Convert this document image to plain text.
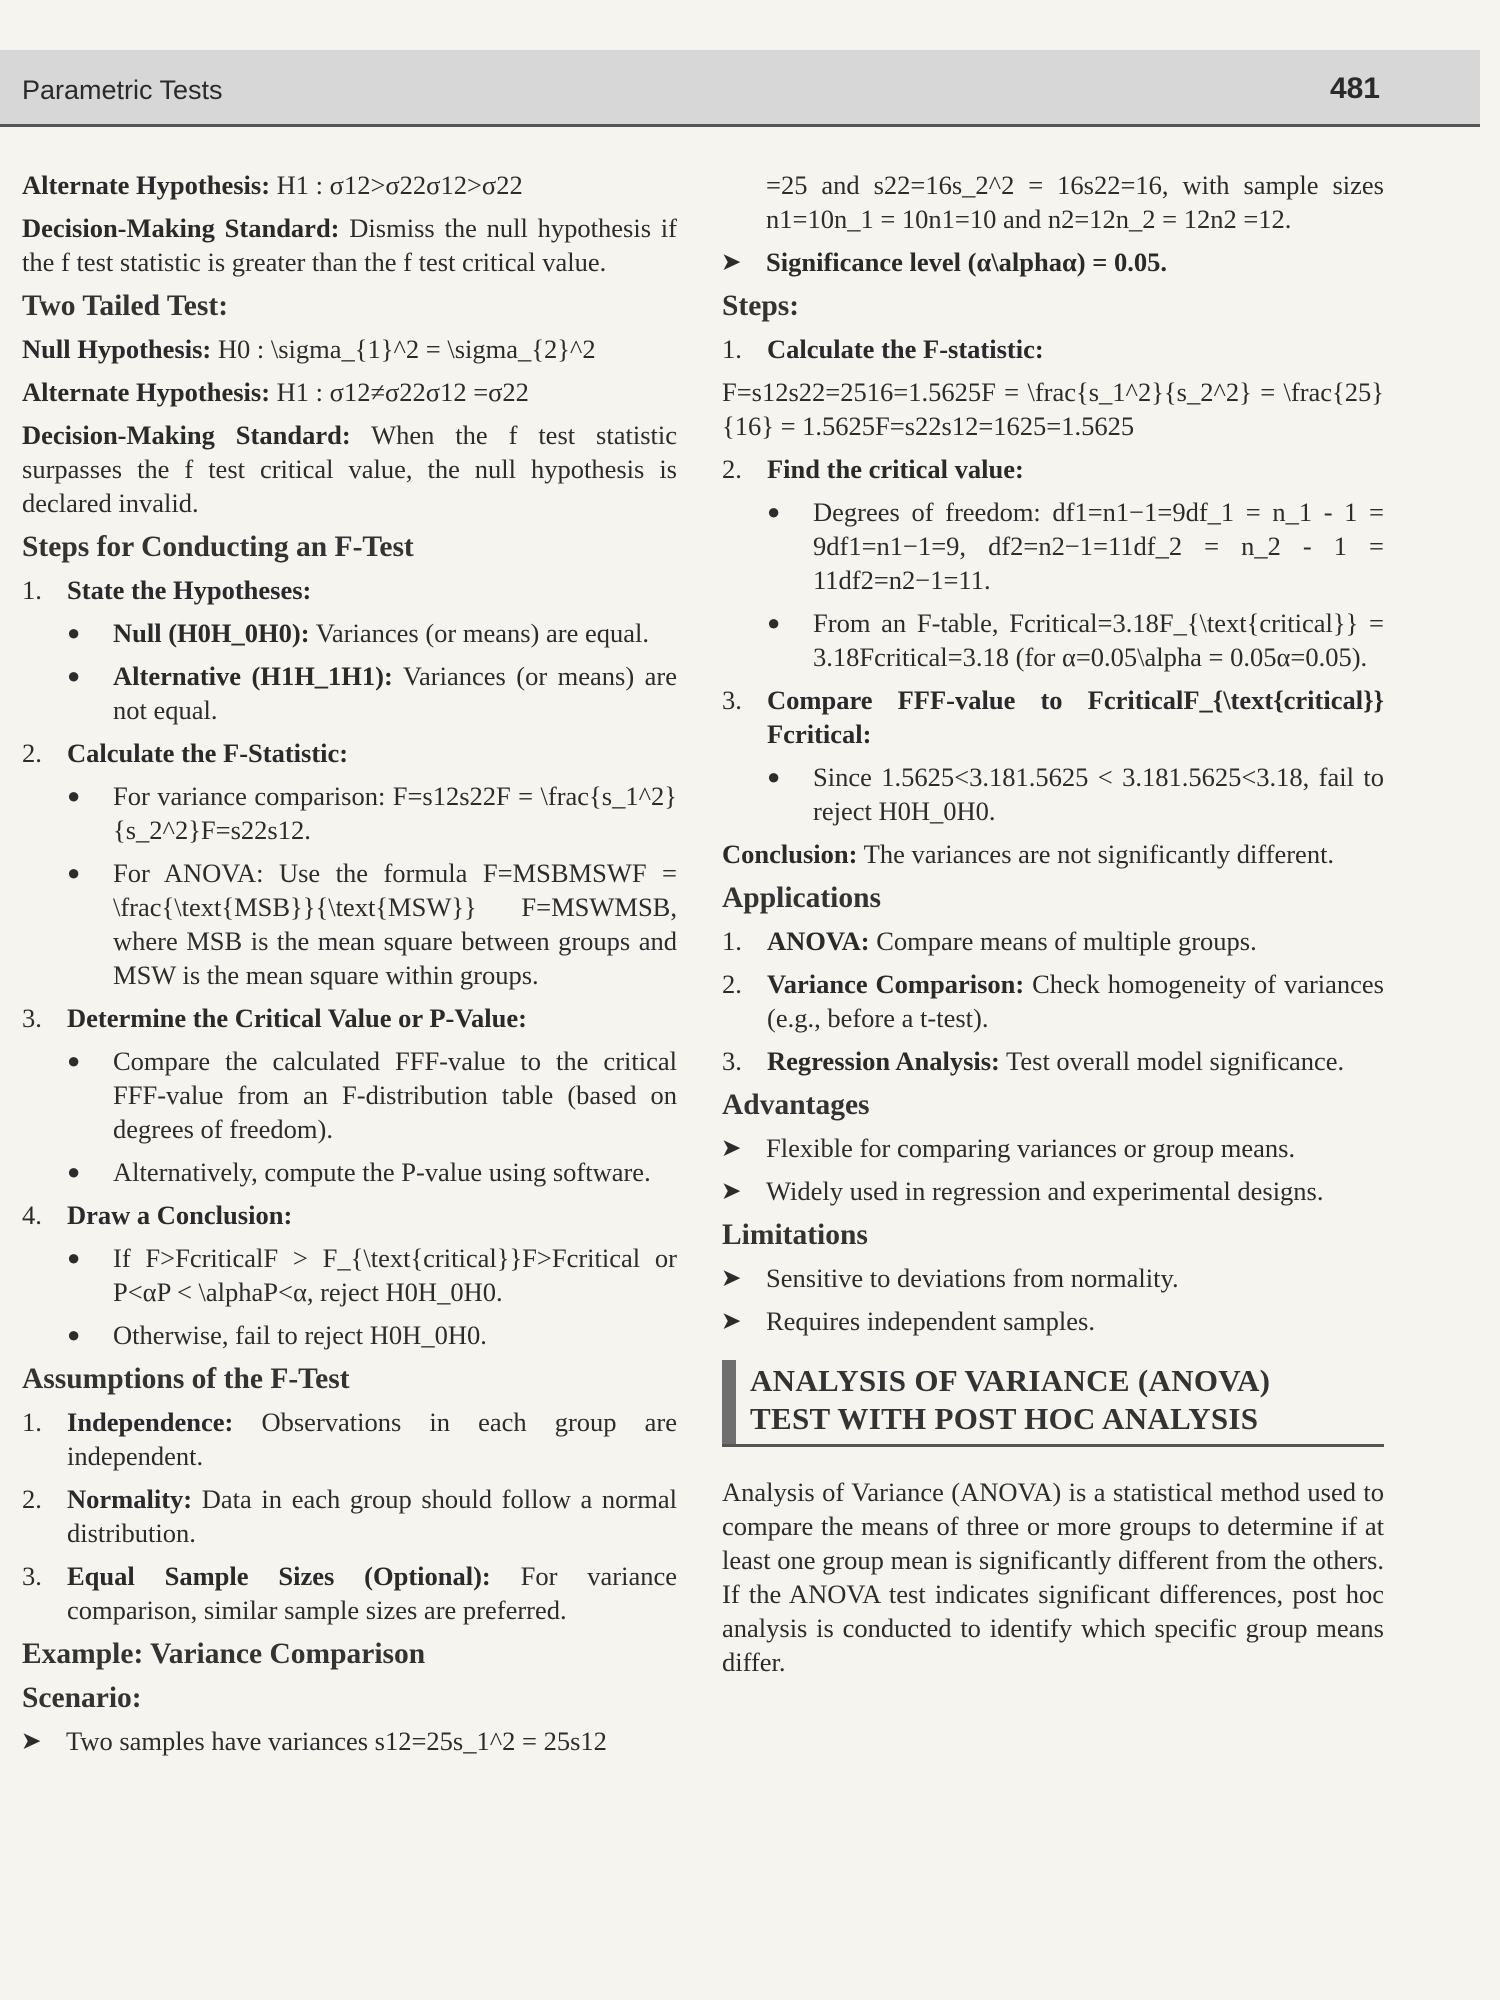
Parametric Tests	481

Alternate Hypothesis: H1 : σ12>σ22σ12>σ22

Decision-Making Standard: Dismiss the null hypothesis if the f test statistic is greater than the f test critical value.

Two Tailed Test:

Null Hypothesis: H0 : \sigma_{1}^2 = \sigma_{2}^2

Alternate Hypothesis: H1 : σ12≠σ22σ12 =σ22

Decision-Making Standard: When the f test statistic surpasses the f test critical value, the null hypothesis is declared invalid.

Steps for Conducting an F-Test
1. State the Hypotheses:
●	Null (H0H_0H0): Variances (or means) are equal.
●	Alternative (H1H_1H1): Variances (or means) are not equal.
2. Calculate the F-Statistic:
●	For variance comparison: F=s12s22F = \frac{s_1^2}{s_2^2}F=s22s12.
●	For ANOVA: Use the formula F=MSBMSWF = \frac{\text{MSB}}{\text{MSW}} F=MSWMSB, where MSB is the mean square between groups and MSW is the mean square within groups.
3. Determine the Critical Value or P-Value:
●	Compare the calculated FFF-value to the critical FFF-value from an F-distribution table (based on degrees of freedom).
●	Alternatively, compute the P-value using software.
4. Draw a Conclusion:
●	If F>FcriticalF > F_{\text{critical}}F>Fcritical or P<αP < \alphaP<α, reject H0H_0H0.
●	Otherwise, fail to reject H0H_0H0.
Assumptions of the F-Test
1. Independence: Observations in each group are independent.
2. Normality: Data in each group should follow a normal distribution.
3. Equal Sample Sizes (Optional): For variance comparison, similar sample sizes are preferred.
Example: Variance Comparison
Scenario:
➤ Two samples have variances s12=25s_1^2 = 25s12

=25 and s22=16s_2^2 = 16s22=16, with sample sizes n1=10n_1 = 10n1=10 and n2=12n_2 = 12n2 =12.

➤ Significance level (α\alphaα) = 0.05.
Steps:
1. Calculate the F-statistic:

F=s12s22=2516=1.5625F = \frac{s_1^2}{s_2^2} = \frac{25}{16} = 1.5625F=s22s12=1625=1.5625

2. Find the critical value:
●	Degrees of freedom: df1=n1−1=9df_1 = n_1 - 1 = 9df1=n1−1=9, df2=n2−1=11df_2 = n_2 - 1 = 11df2=n2−1=11.
●	From an F-table, Fcritical=3.18F_{\text{critical}} = 3.18Fcritical=3.18 (for α=0.05\alpha = 0.05α=0.05).
3. Compare FFF-value to FcriticalF_{\text{critical}} Fcritical:
●	Since 1.5625<3.181.5625 < 3.181.5625<3.18, fail to reject H0H_0H0.

Conclusion: The variances are not significantly different.

Applications
1. ANOVA: Compare means of multiple groups.
2. Variance Comparison: Check homogeneity of variances (e.g., before a t-test).
3. Regression Analysis: Test overall model significance.
Advantages
➤ Flexible for comparing variances or group means.
➤ Widely used in regression and experimental designs.
Limitations
➤ Sensitive to deviations from normality.
➤ Requires independent samples.
ANALYSIS OF VARIANCE (ANOVA)
TEST WITH POST HOC ANALYSIS

Analysis of Variance (ANOVA) is a statistical method used to compare the means of three or more groups to determine if at least one group mean is significantly different from the others. If the ANOVA test indicates significant differences, post hoc analysis is conducted to identify which specific group means differ.
